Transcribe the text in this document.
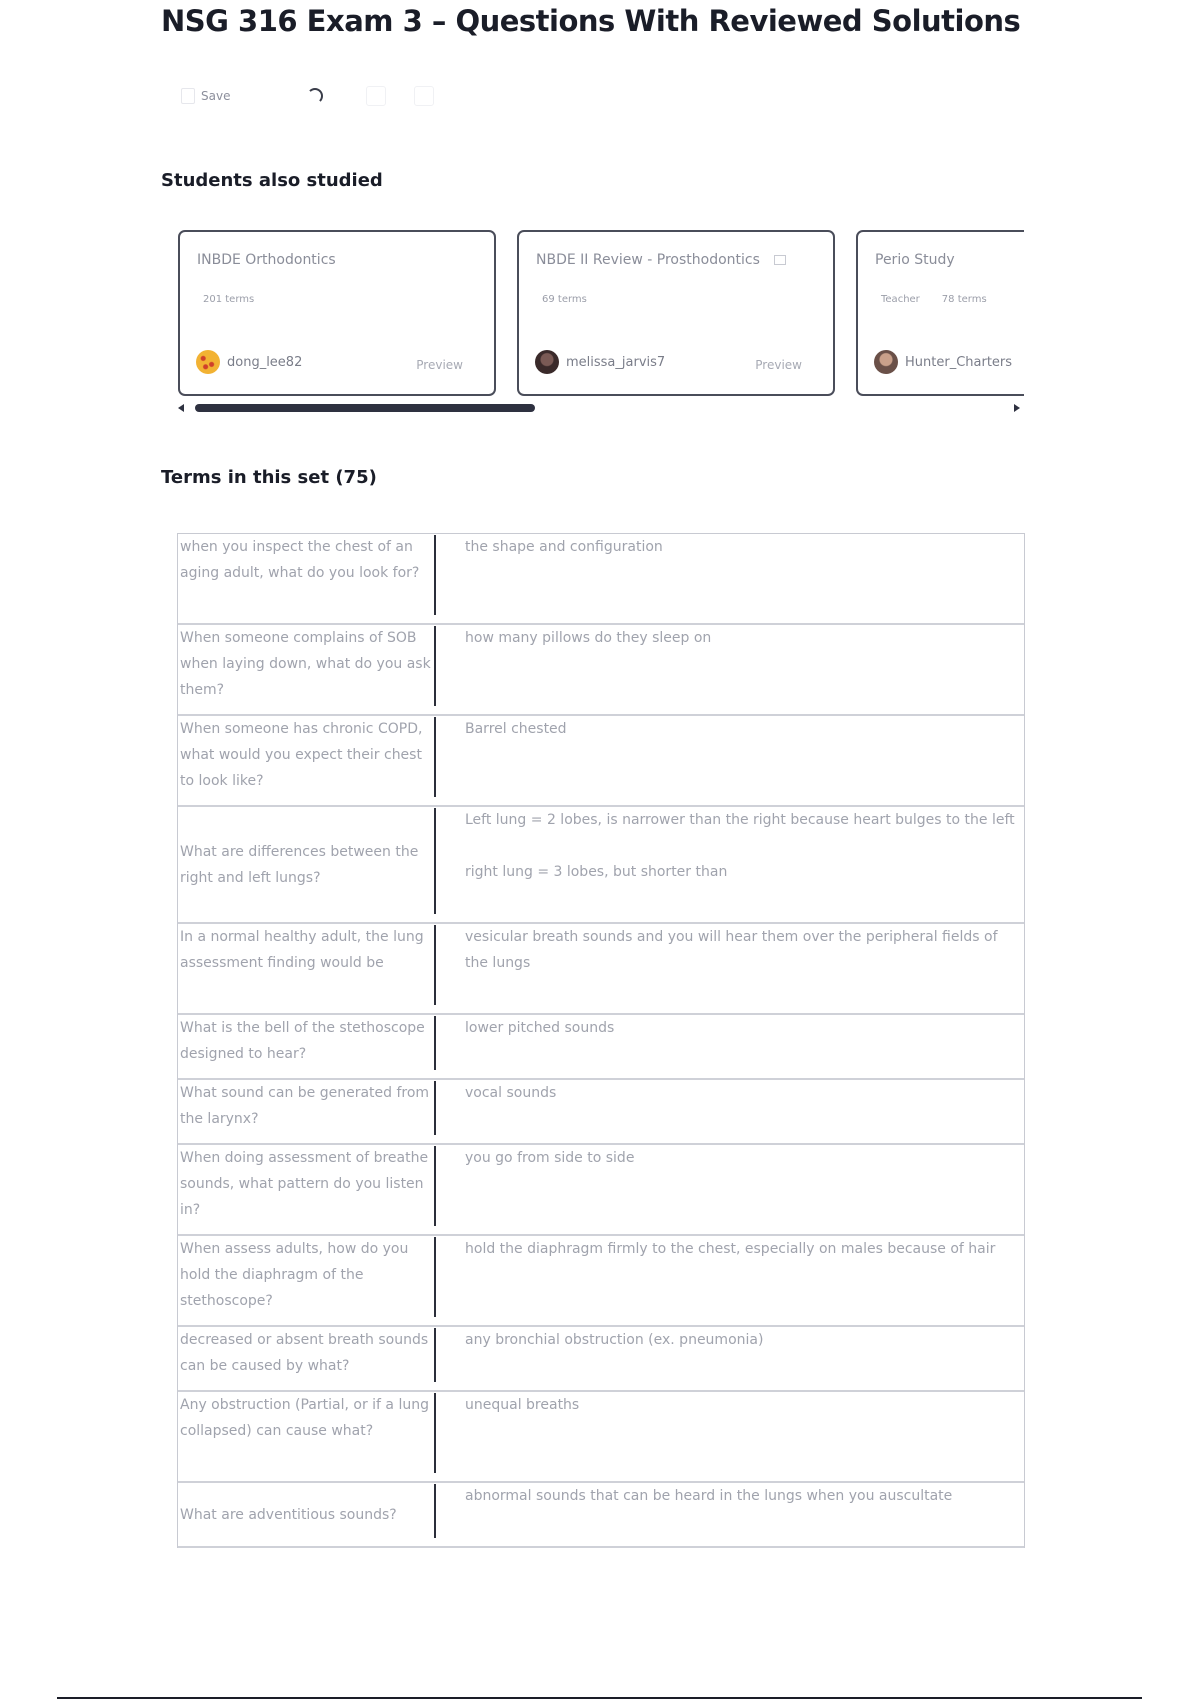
NSG 316 Exam 3 – Questions With Reviewed Solutions
Save
Students also studied
INBDE Orthodontics
201 terms
dong_lee82	Preview
NBDE II Review - Prosthodontics
69 terms
melissa_jarvis7	Preview
Perio Study
Teacher 78 terms
Hunter_Charters
Terms in this set (75)
when you inspect the chest of an aging adult, what do you look for?
the shape and configuration
When someone complains of SOB when laying down, what do you ask them?
how many pillows do they sleep on
When someone has chronic COPD, what would you expect their chest to look like?
Barrel chested
What are differences between the right and left lungs?
Left lung = 2 lobes, is narrower than the right because heart bulges to the left

right lung = 3 lobes, but shorter than
In a normal healthy adult, the lung assessment finding would be
vesicular breath sounds and you will hear them over the peripheral fields of the lungs
What is the bell of the stethoscope designed to hear?
lower pitched sounds
What sound can be generated from the larynx?
vocal sounds
When doing assessment of breathe sounds, what pattern do you listen in?
you go from side to side
When assess adults, how do you hold the diaphragm of the stethoscope?
hold the diaphragm firmly to the chest, especially on males because of hair
decreased or absent breath sounds can be caused by what?
any bronchial obstruction (ex. pneumonia)
Any obstruction (Partial, or if a lung collapsed) can cause what?
unequal breaths
What are adventitious sounds?
abnormal sounds that can be heard in the lungs when you auscultate
